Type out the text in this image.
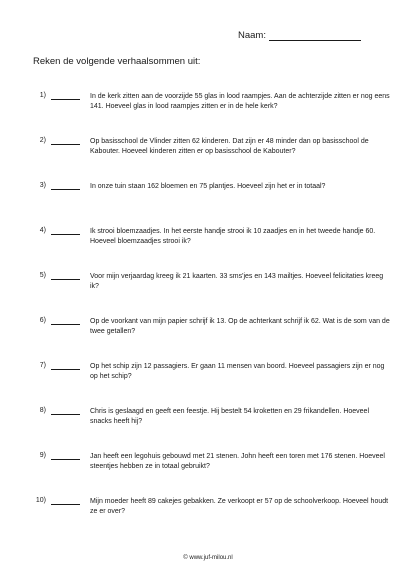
Naam:
Reken de volgende verhaalsommen uit:
1)	In de kerk zitten aan de voorzijde 55 glas in lood raampjes. Aan de achterzijde zitten er nog eens 141. Hoeveel glas in lood raampjes zitten er in de hele kerk?
2)	Op basisschool de Vlinder zitten 62 kinderen. Dat zijn er 48 minder dan op basisschool de Kabouter. Hoeveel kinderen zitten er op basisschool de Kabouter?
3)	In onze tuin staan 162 bloemen en 75 plantjes. Hoeveel zijn het er in totaal?
4)	Ik strooi bloemzaadjes. In het eerste handje strooi ik 10 zaadjes en in het tweede handje 60. Hoeveel bloemzaadjes strooi ik?
5)	Voor mijn verjaardag kreeg ik 21 kaarten. 33 sms'jes en 143 mailtjes. Hoeveel felicitaties kreeg ik?
6)	Op de voorkant van mijn papier schrijf ik 13. Op de achterkant schrijf ik 62. Wat is de som van de twee getallen?
7)	Op het schip zijn 12 passagiers. Er gaan 11 mensen van boord. Hoeveel passagiers zijn er nog op het schip?
8)	Chris is geslaagd en geeft een feestje. Hij bestelt 54 kroketten en 29 frikandellen. Hoeveel snacks heeft hij?
9)	Jan heeft een legohuis gebouwd met 21 stenen. John heeft een toren met 176 stenen. Hoeveel steentjes hebben ze in totaal gebruikt?
10)	Mijn moeder heeft 89 cakejes gebakken. Ze verkoopt er 57 op de schoolverkoop. Hoeveel houdt ze er over?
© www.juf-milou.nl
